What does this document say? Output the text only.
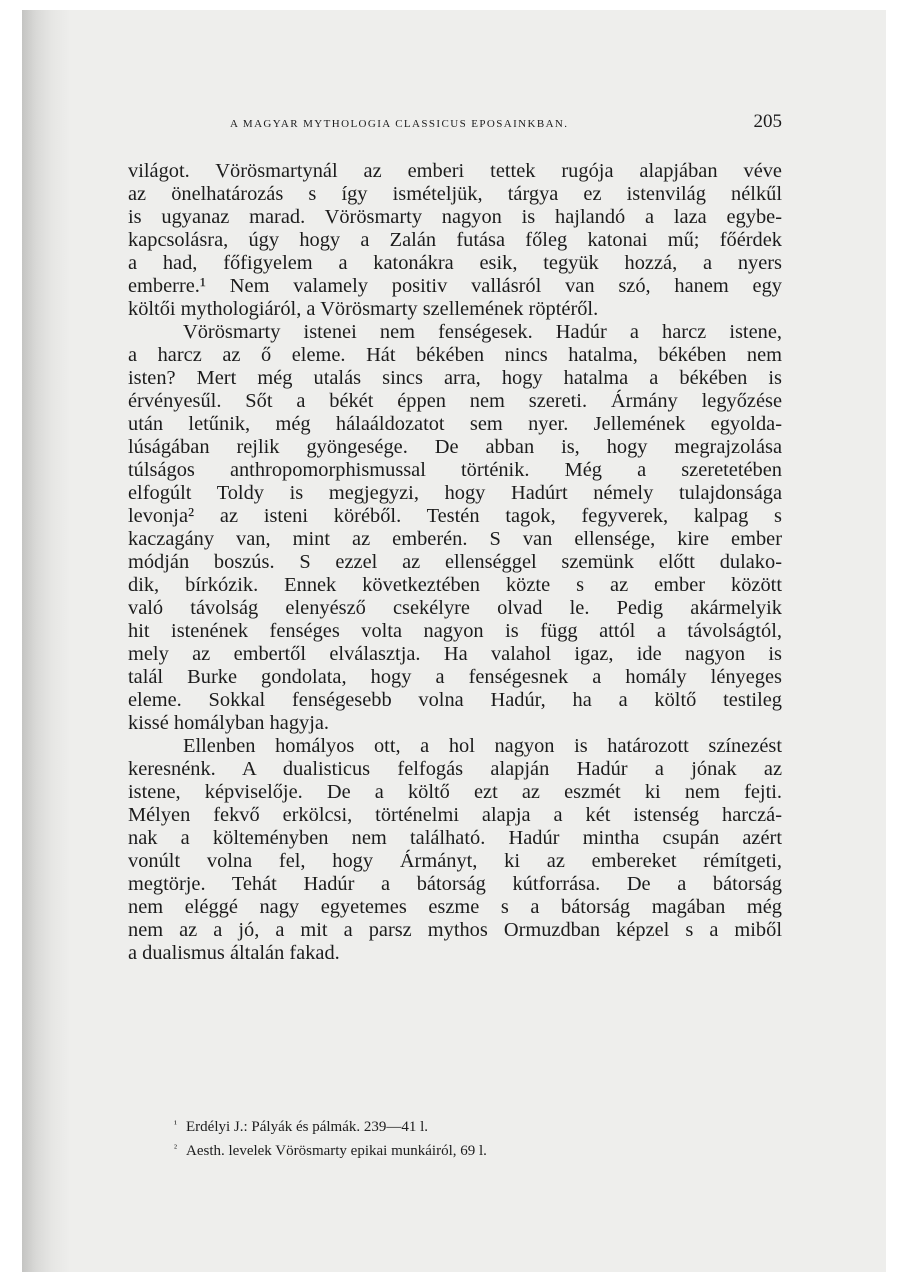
A MAGYAR MYTHOLOGIA CLASSICUS EPOSAINKBAN.	205
világot. Vörösmartynál az emberi tettek rugója alapjában véve
az önelhatározás s így ismételjük, tárgya ez istenvilág nélkűl
is ugyanaz marad. Vörösmarty nagyon is hajlandó a laza egybe-
kapcsolásra, úgy hogy a Zalán futása főleg katonai mű; főérdek
a had, főfigyelem a katonákra esik, tegyük hozzá, a nyers
emberre.¹ Nem valamely positiv vallásról van szó, hanem egy
költői mythologiáról, a Vörösmarty szellemének röptéről.
Vörösmarty istenei nem fenségesek. Hadúr a harcz istene,
a harcz az ő eleme. Hát békében nincs hatalma, békében nem
isten? Mert még utalás sincs arra, hogy hatalma a békében is
érvényesűl. Sőt a békét éppen nem szereti. Ármány legyőzése
után letűnik, még hálaáldozatot sem nyer. Jellemének egyolda-
lúságában rejlik gyöngesége. De abban is, hogy megrajzolása
túlságos anthropomorphismussal történik. Még a szeretetében
elfogúlt Toldy is megjegyzi, hogy Hadúrt némely tulajdonsága
levonja² az isteni köréből. Testén tagok, fegyverek, kalpag s
kaczagány van, mint az emberén. S van ellensége, kire ember
módján boszús. S ezzel az ellenséggel szemünk előtt dulako-
dik, bírkózik. Ennek következtében közte s az ember között
való távolság elenyésző csekélyre olvad le. Pedig akármelyik
hit istenének fenséges volta nagyon is függ attól a távolságtól,
mely az embertől elválasztja. Ha valahol igaz, ide nagyon is
talál Burke gondolata, hogy a fenségesnek a homály lényeges
eleme. Sokkal fenségesebb volna Hadúr, ha a költő testileg
kissé homályban hagyja.
Ellenben homályos ott, a hol nagyon is határozott színezést
keresnénk. A dualisticus felfogás alapján Hadúr a jónak az
istene, képviselője. De a költő ezt az eszmét ki nem fejti.
Mélyen fekvő erkölcsi, történelmi alapja a két istenség harczá-
nak a költeményben nem található. Hadúr mintha csupán azért
vonúlt volna fel, hogy Ármányt, ki az embereket rémítgeti,
megtörje. Tehát Hadúr a bátorság kútforrása. De a bátorság
nem eléggé nagy egyetemes eszme s a bátorság magában még
nem az a jó, a mit a parsz mythos Ormuzdban képzel s a miből
a dualismus általán fakad.
$^{^1}$ Erdélyi J.: Pályák és pálmák. 239—41 l.
$^{^2}$ Aesth. levelek Vörösmarty epikai munkáiról, 69 l.
